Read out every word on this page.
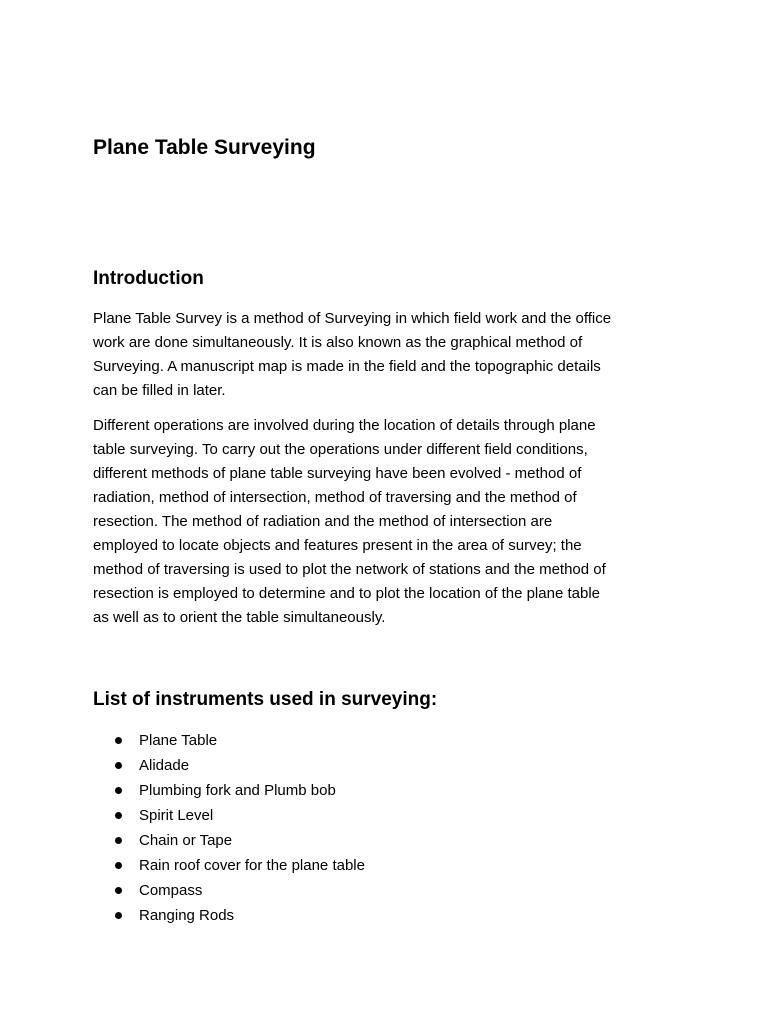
Plane Table Surveying
Introduction

Plane Table Survey is a method of Surveying in which field work and the office
work are done simultaneously. It is also known as the graphical method of
Surveying. A manuscript map is made in the field and the topographic details
can be filled in later.

Different operations are involved during the location of details through plane
table surveying. To carry out the operations under different field conditions,
different methods of plane table surveying have been evolved - method of
radiation, method of intersection, method of traversing and the method of
resection. The method of radiation and the method of intersection are
employed to locate objects and features present in the area of survey; the
method of traversing is used to plot the network of stations and the method of
resection is employed to determine and to plot the location of the plane table
as well as to orient the table simultaneously.

List of instruments used in surveying:
Plane Table
Alidade
Plumbing fork and Plumb bob
Spirit Level
Chain or Tape
Rain roof cover for the plane table
Compass
Ranging Rods
